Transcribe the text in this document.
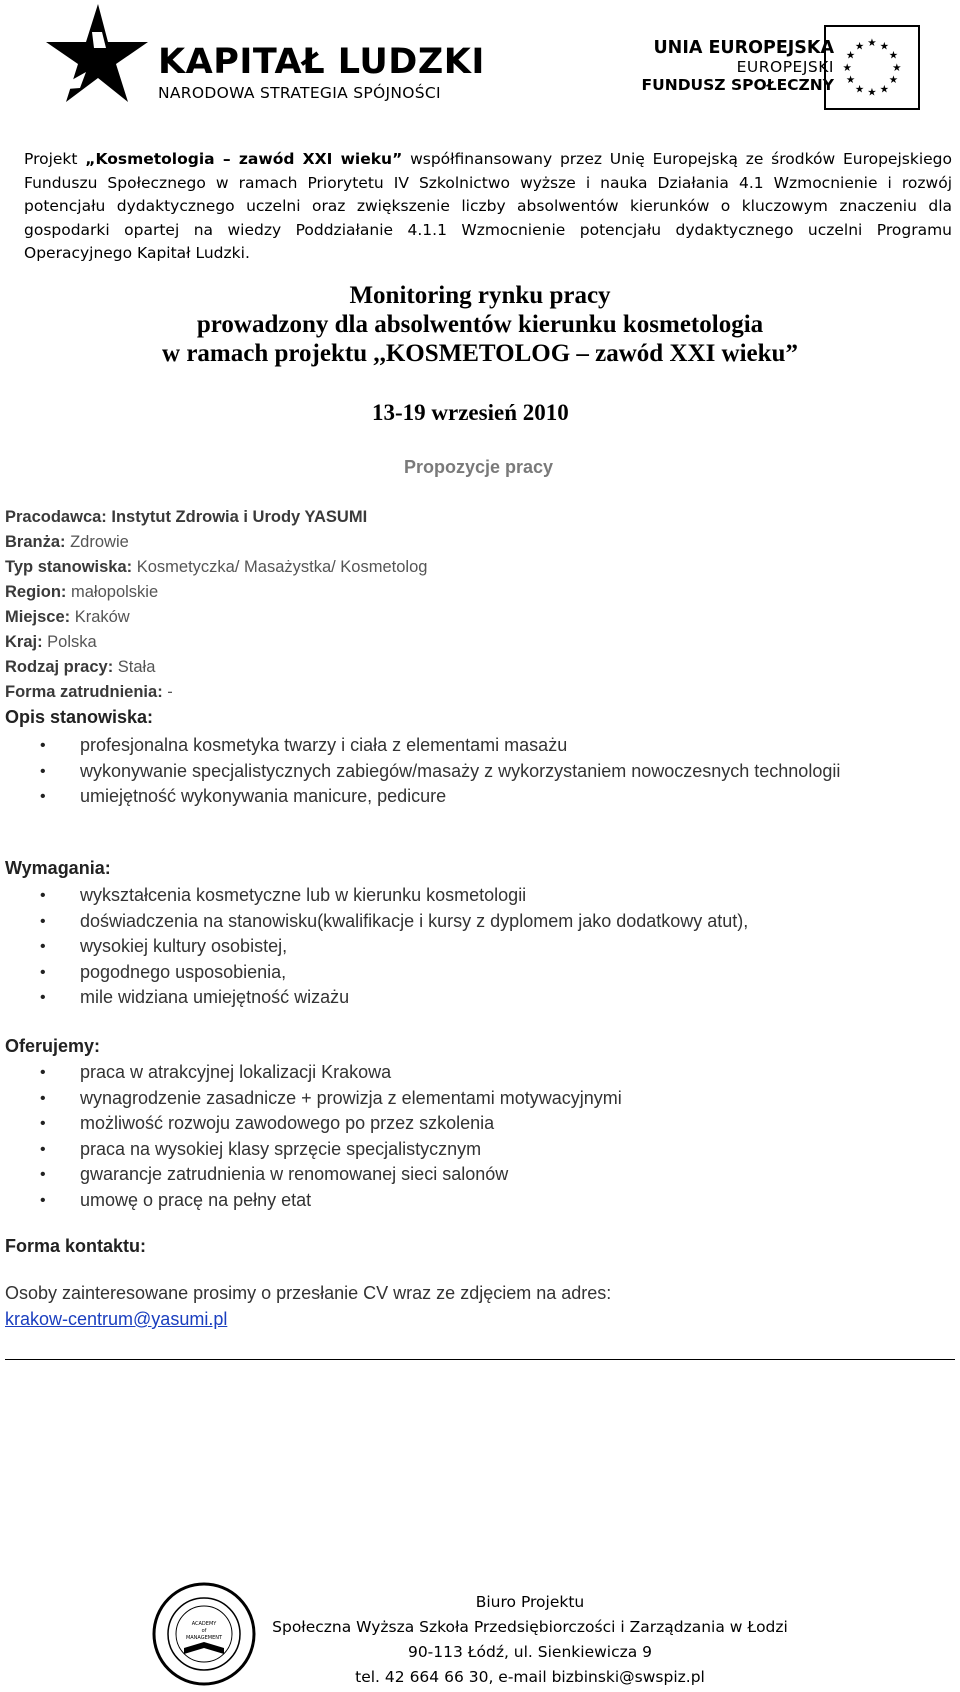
KAPITAŁ LUDZKI
NARODOWA STRATEGIA SPÓJNOŚCI
UNIA EUROPEJSKA
EUROPEJSKI
FUNDUSZ SPOŁECZNY
★ ★
★
★
★
★
★
★
★
★
★
★
Projekt „Kosmetologia – zawód XXI wieku” współfinansowany przez Unię Europejską ze środków Europejskiego Funduszu Społecznego w ramach Priorytetu IV Szkolnictwo wyższe i nauka Działania 4.1 Wzmocnienie i rozwój potencjału dydaktycznego uczelni oraz zwiększenie liczby absolwentów kierunków o kluczowym znaczeniu dla gospodarki opartej na wiedzy Poddziałanie 4.1.1 Wzmocnienie potencjału dydaktycznego uczelni Programu Operacyjnego Kapitał Ludzki.
Monitoring rynku pracy
prowadzony dla absolwentów kierunku kosmetologia
w ramach projektu ,,KOSMETOLOG – zawód XXI wieku”
13-19 wrzesień 2010
Propozycje pracy
Pracodawca: Instytut Zdrowia i Urody YASUMI
Branża: Zdrowie
Typ stanowiska: Kosmetyczka/ Masażystka/ Kosmetolog
Region: małopolskie
Miejsce: Kraków
Kraj: Polska
Rodzaj pracy: Stała
Forma zatrudnienia: -
Opis stanowiska:
• profesjonalna kosmetyka twarzy i ciała z elementami masażu
• wykonywanie specjalistycznych zabiegów/masaży z wykorzystaniem nowoczesnych technologii
• umiejętność wykonywania manicure, pedicure
Wymagania:
• wykształcenia kosmetyczne lub w kierunku kosmetologii
• doświadczenia na stanowisku(kwalifikacje i kursy z dyplomem jako dodatkowy atut),
• wysokiej kultury osobistej,
• pogodnego usposobienia,
• mile widziana umiejętność wizażu
Oferujemy:
• praca w atrakcyjnej lokalizacji Krakowa
• wynagrodzenie zasadnicze + prowizja z elementami motywacyjnymi
• możliwość rozwoju zawodowego po przez szkolenia
• praca na wysokiej klasy sprzęcie specjalistycznym
• gwarancje zatrudnienia w renomowanej sieci salonów
• umowę o pracę na pełny etat
Forma kontaktu:
Osoby zainteresowane prosimy o przesłanie CV wraz ze zdjęciem na adres:
krakow-centrum@yasumi.pl
ACADEMY
of
MANAGEMENT
Biuro Projektu
Społeczna Wyższa Szkoła Przedsiębiorczości i Zarządzania w Łodzi
90-113 Łódź, ul. Sienkiewicza 9
tel. 42 664 66 30, e-mail bizbinski@swspiz.pl
